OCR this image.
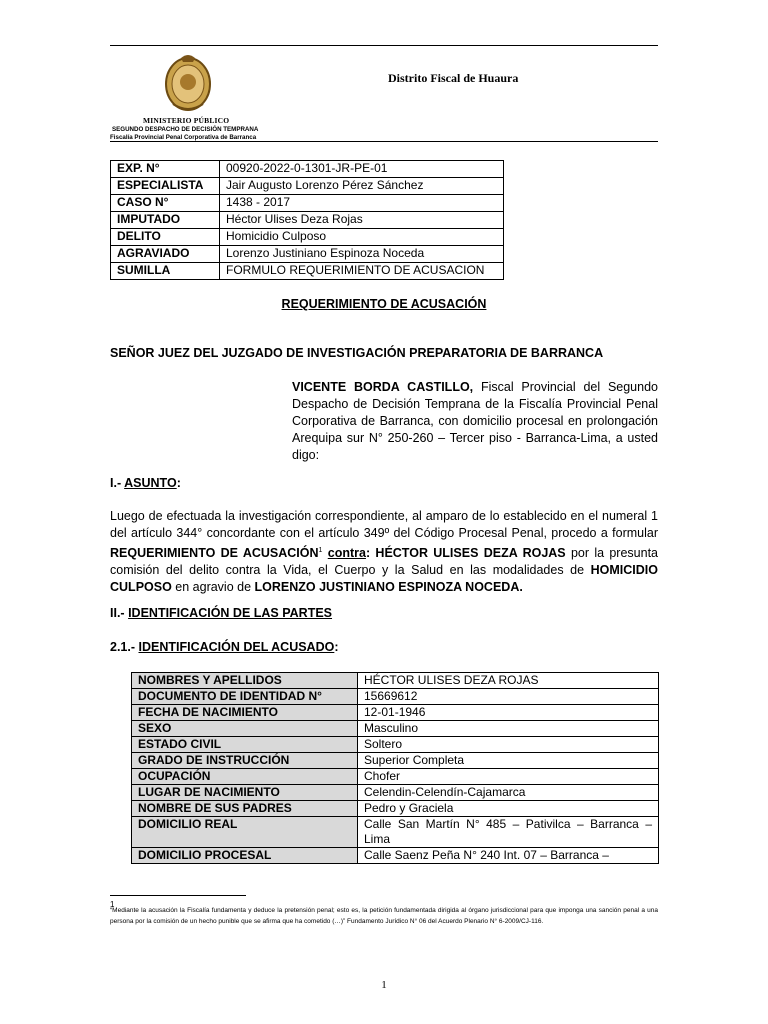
MINISTERIO PÚBLICO
SEGUNDO DESPACHO DE DECISIÓN TEMPRANA
Fiscalía Provincial Penal Corporativa de Barranca
Distrito Fiscal de Huaura
EXP. N°	00920-2022-0-1301-JR-PE-01
ESPECIALISTA	Jair Augusto Lorenzo Pérez Sánchez
CASO N°	1438 - 2017
IMPUTADO	Héctor Ulises Deza Rojas
DELITO	Homicidio Culposo
AGRAVIADO	Lorenzo Justiniano Espinoza Noceda
SUMILLA	FORMULO REQUERIMIENTO DE ACUSACION
REQUERIMIENTO DE ACUSACIÓN
SEÑOR JUEZ DEL JUZGADO DE INVESTIGACIÓN PREPARATORIA DE BARRANCA
VICENTE BORDA CASTILLO, Fiscal Provincial del Segundo Despacho de Decisión Temprana de la Fiscalía Provincial Penal Corporativa de Barranca, con domicilio procesal en prolongación Arequipa sur N° 250-260 – Tercer piso - Barranca-Lima, a usted digo:
I.- ASUNTO:
Luego de efectuada la investigación correspondiente, al amparo de lo establecido en el numeral 1 del artículo 344° concordante con el artículo 349º del Código Procesal Penal, procedo a formular REQUERIMIENTO DE ACUSACIÓN$^1$ contra: HÉCTOR ULISES DEZA ROJAS por la presunta comisión del delito contra la Vida, el Cuerpo y la Salud en las modalidades de HOMICIDIO CULPOSO en agravio de LORENZO JUSTINIANO ESPINOZA NOCEDA.
II.- IDENTIFICACIÓN DE LAS PARTES
2.1.- IDENTIFICACIÓN DEL ACUSADO:
NOMBRES Y APELLIDOS	HÉCTOR ULISES DEZA ROJAS
DOCUMENTO DE IDENTIDAD N°	15669612
FECHA DE NACIMIENTO	12-01-1946
SEXO	Masculino
ESTADO CIVIL	Soltero
GRADO DE INSTRUCCIÓN	Superior Completa
OCUPACIÓN	Chofer
LUGAR DE NACIMIENTO	Celendin-Celendín-Cajamarca
NOMBRE DE SUS PADRES	Pedro y Graciela
DOMICILIO REAL	Calle San Martín N° 485 – Pativilca – Barranca – Lima
DOMICILIO PROCESAL	Calle Saenz Peña N° 240 Int. 07 – Barranca –
1
“Mediante la acusación la Fiscalía fundamenta y deduce la pretensión penal; esto es, la petición fundamentada dirigida al órgano jurisdiccional para que imponga una sanción penal a una persona por la comisión de un hecho punible que se afirma que ha cometido (…)” Fundamento Jurídico N° 06 del Acuerdo Plenario N° 6-2009/CJ-116.
1
